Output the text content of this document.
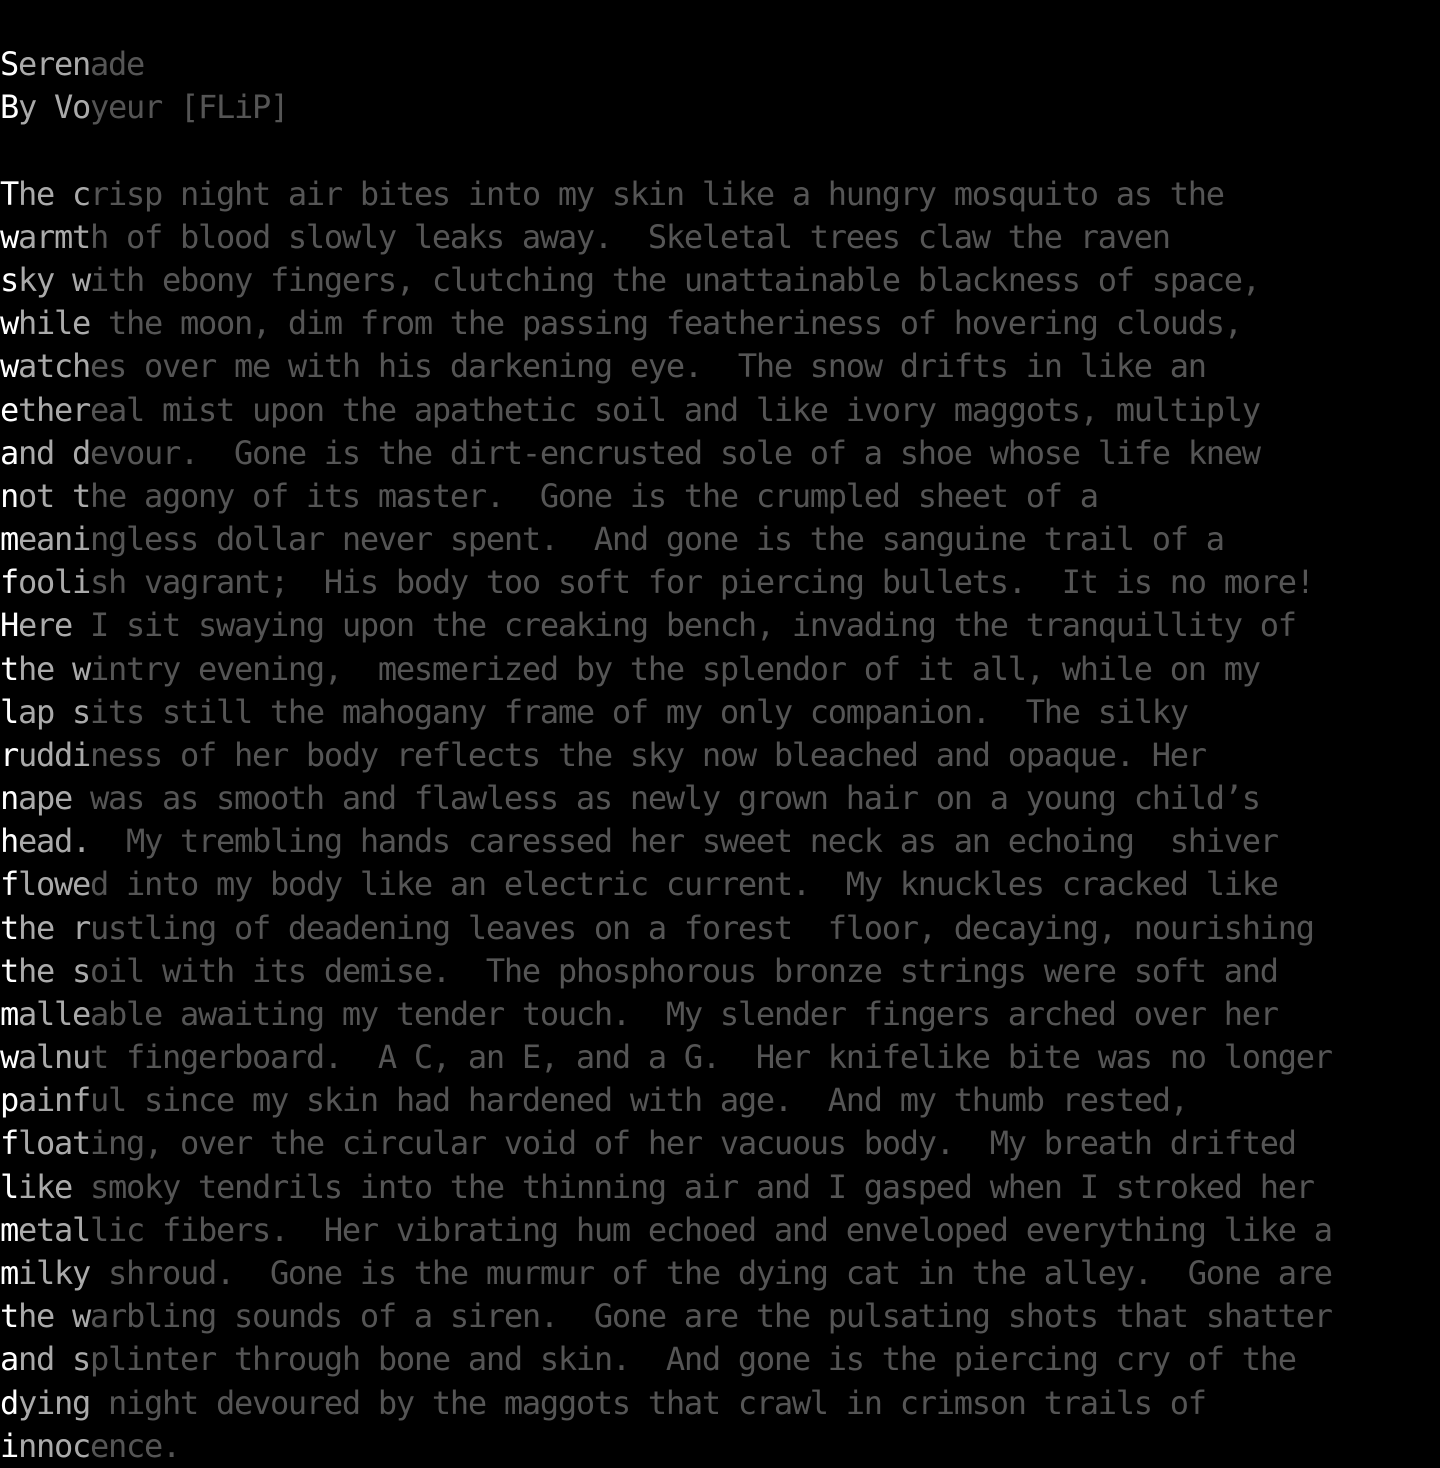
Serenade
By Voyeur [FLiP]

The crisp night air bites into my skin like a hungry mosquito as the
warmth of blood slowly leaks away.  Skeletal trees claw the raven
sky with ebony fingers, clutching the unattainable blackness of space,
while the moon, dim from the passing featheriness of hovering clouds,
watches over me with his darkening eye.  The snow drifts in like an
ethereal mist upon the apathetic soil and like ivory maggots, multiply
and devour.  Gone is the dirt-encrusted sole of a shoe whose life knew
not the agony of its master.  Gone is the crumpled sheet of a
meaningless dollar never spent.  And gone is the sanguine trail of a
foolish vagrant;  His body too soft for piercing bullets.  It is no more!
Here I sit swaying upon the creaking bench, invading the tranquillity of
the wintry evening,  mesmerized by the splendor of it all, while on my
lap sits still the mahogany frame of my only companion.  The silky
ruddiness of her body reflects the sky now bleached and opaque. Her
nape was as smooth and flawless as newly grown hair on a young child’s
head.  My trembling hands caressed her sweet neck as an echoing  shiver
flowed into my body like an electric current.  My knuckles cracked like
the rustling of deadening leaves on a forest  floor, decaying, nourishing
the soil with its demise.  The phosphorous bronze strings were soft and
malleable awaiting my tender touch.  My slender fingers arched over her
walnut fingerboard.  A C, an E, and a G.  Her knifelike bite was no longer
painful since my skin had hardened with age.  And my thumb rested,
floating, over the circular void of her vacuous body.  My breath drifted
like smoky tendrils into the thinning air and I gasped when I stroked her
metallic fibers.  Her vibrating hum echoed and enveloped everything like a
milky shroud.  Gone is the murmur of the dying cat in the alley.  Gone are
the warbling sounds of a siren.  Gone are the pulsating shots that shatter
and splinter through bone and skin.  And gone is the piercing cry of the
dying night devoured by the maggots that crawl in crimson trails of
innocence.
